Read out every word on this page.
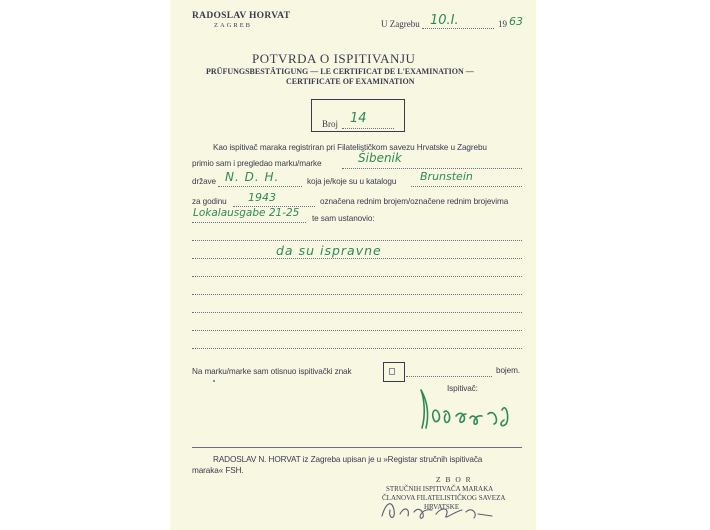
RADOSLAV HORVAT
ZAGREB	U Zagrebu 10.I.	19 63
POTVRDA O ISPITIVANJU
PRÜFUNGSBESTÄTIGUNG — LE CERTIFICAT DE L'EXAMINATION —
CERTIFICATE OF EXAMINATION
Broj 14
Kao ispitivač maraka registriran pri Filatelističkom savezu Hrvatske u Zagrebu
primio sam i pregledao marku/marke	Šibenik
države N. D. H.	koja je/koje su u katalogu Brunstein
za godinu 1943	označena rednim brojem/označene rednim brojevima
Lokalausgabe 21-25 te sam ustanovio:
da su ispravne
Na marku/marke sam otisnuo ispitivački znak	bojem.
Ispitivač:
RADOSLAV N. HORVAT iz Zagreba upisan je u »Registar stručnih ispitivača
maraka« FSH.
Z B O R
STRUČNIH ISPITIVAČA MARAKA
ČLANOVA FILATELISTIČKOG SAVEZA
HRVATSKE
